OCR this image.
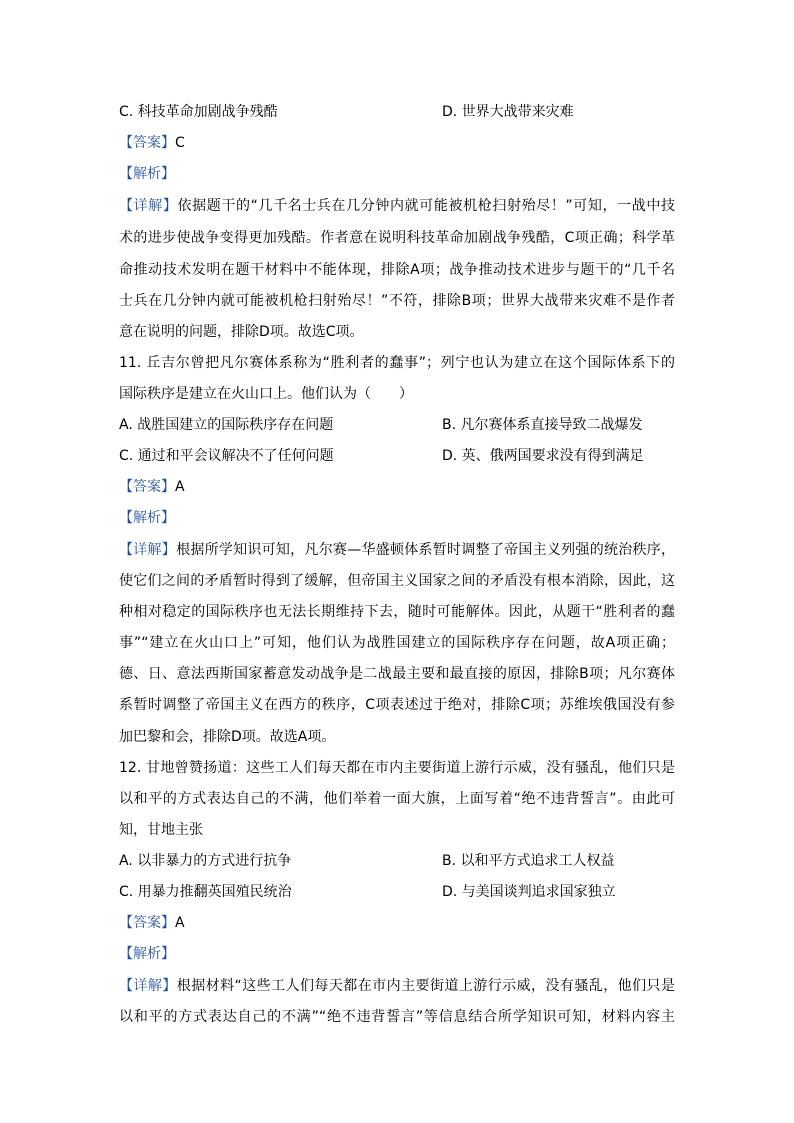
C. 科技革命加剧战争残酷	D. 世界大战带来灾难
【答案】C
【解析】
【详解】依据题干的“几千名士兵在几分钟内就可能被机枪扫射殆尽！”可知，一战中技
术的进步使战争变得更加残酷。作者意在说明科技革命加剧战争残酷，C项正确；科学革
命推动技术发明在题干材料中不能体现，排除A项；战争推动技术进步与题干的“几千名
士兵在几分钟内就可能被机枪扫射殆尽！”不符，排除B项；世界大战带来灾难不是作者
意在说明的问题，排除D项。故选C项。
11. 丘吉尔曾把凡尔赛体系称为“胜利者的蠢事”；列宁也认为建立在这个国际体系下的
国际秩序是建立在火山口上。他们认为（　　）
A. 战胜国建立的国际秩序存在问题	B. 凡尔赛体系直接导致二战爆发
C. 通过和平会议解决不了任何问题	D. 英、俄两国要求没有得到满足
【答案】A
【解析】
【详解】根据所学知识可知，凡尔赛—华盛顿体系暂时调整了帝国主义列强的统治秩序，
使它们之间的矛盾暂时得到了缓解，但帝国主义国家之间的矛盾没有根本消除，因此，这
种相对稳定的国际秩序也无法长期维持下去，随时可能解体。因此，从题干“胜利者的蠢
事”“建立在火山口上”可知，他们认为战胜国建立的国际秩序存在问题，故A项正确；
德、日、意法西斯国家蓄意发动战争是二战最主要和最直接的原因，排除B项；凡尔赛体
系暂时调整了帝国主义在西方的秩序，C项表述过于绝对，排除C项；苏维埃俄国没有参
加巴黎和会，排除D项。故选A项。
12. 甘地曾赞扬道：这些工人们每天都在市内主要街道上游行示威，没有骚乱，他们只是
以和平的方式表达自己的不满，他们举着一面大旗，上面写着“绝不违背誓言”。由此可
知，甘地主张
A. 以非暴力的方式进行抗争	B. 以和平方式追求工人权益
C. 用暴力推翻英国殖民统治	D. 与美国谈判追求国家独立
【答案】A
【解析】
【详解】根据材料“这些工人们每天都在市内主要街道上游行示威，没有骚乱，他们只是
以和平的方式表达自己的不满”“绝不违背誓言”等信息结合所学知识可知，材料内容主
